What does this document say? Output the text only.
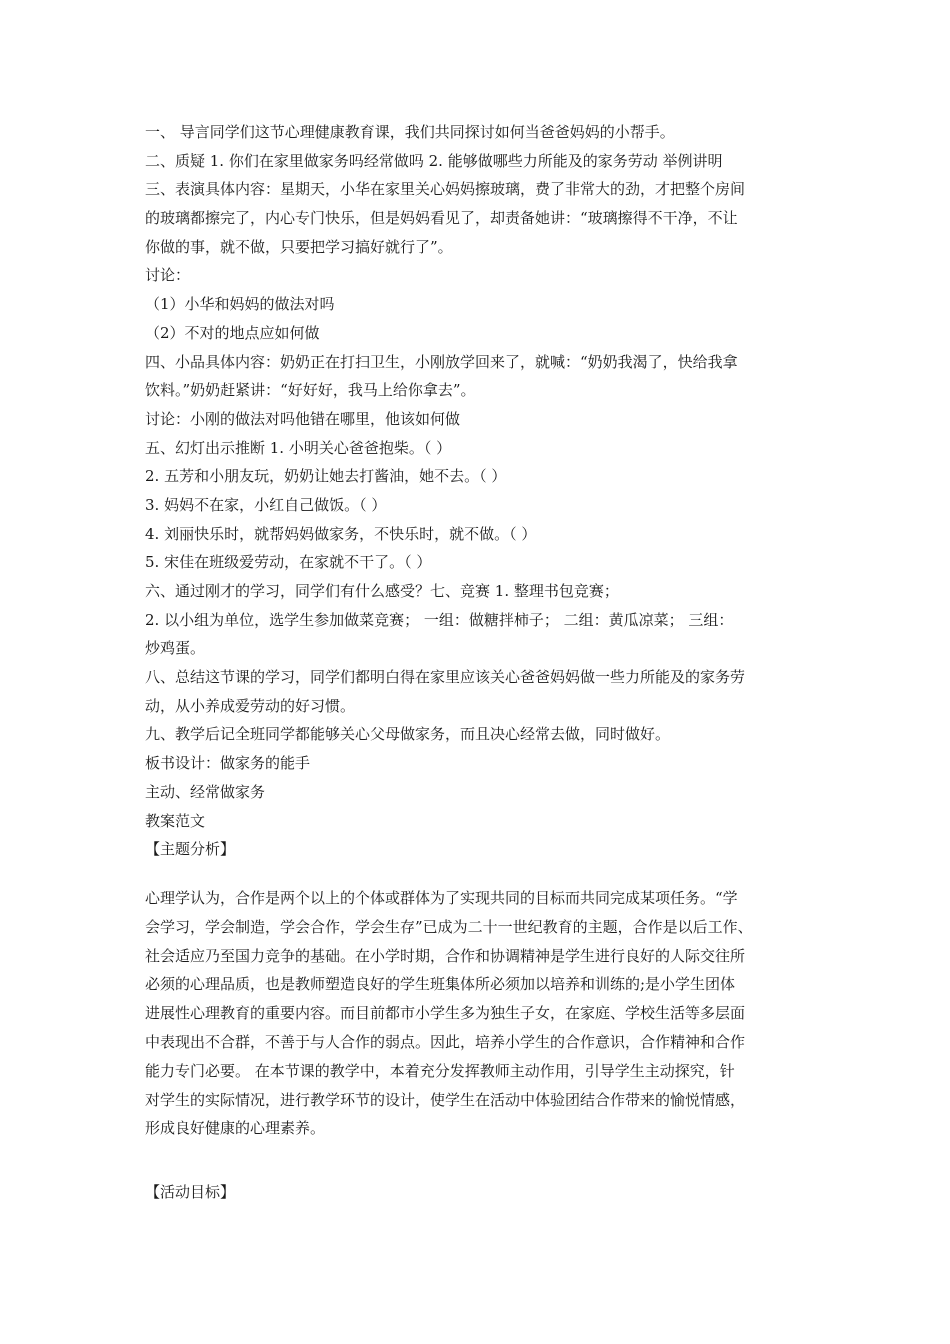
一、 导言同学们这节心理健康教育课，我们共同探讨如何当爸爸妈妈的小帮手。
二、质疑 1. 你们在家里做家务吗经常做吗 2. 能够做哪些力所能及的家务劳动 举例讲明
三、表演具体内容：星期天，小华在家里关心妈妈擦玻璃，费了非常大的劲，才把整个房间
的玻璃都擦完了，内心专门快乐，但是妈妈看见了，却责备她讲：“玻璃擦得不干净，不让
你做的事，就不做，只要把学习搞好就行了”。
讨论：
（1）小华和妈妈的做法对吗
（2）不对的地点应如何做
四、小品具体内容：奶奶正在打扫卫生，小刚放学回来了，就喊：“奶奶我渴了，快给我拿
饮料。”奶奶赶紧讲：“好好好，我马上给你拿去”。
讨论：小刚的做法对吗他错在哪里，他该如何做
五、幻灯出示推断 1. 小明关心爸爸抱柴。（ ）
2. 五芳和小朋友玩，奶奶让她去打酱油，她不去。（ ）
3. 妈妈不在家，小红自己做饭。（ ）
4. 刘丽快乐时，就帮妈妈做家务，不快乐时，就不做。（ ）
5. 宋佳在班级爱劳动，在家就不干了。（ ）
六、通过刚才的学习，同学们有什么感受？七、竞赛 1. 整理书包竞赛；
2. 以小组为单位，选学生参加做菜竞赛； 一组：做糖拌柿子； 二组：黄瓜凉菜； 三组：
炒鸡蛋。
八、总结这节课的学习，同学们都明白得在家里应该关心爸爸妈妈做一些力所能及的家务劳
动，从小养成爱劳动的好习惯。
九、教学后记全班同学都能够关心父母做家务，而且决心经常去做，同时做好。
板书设计：做家务的能手
主动、经常做家务
教案范文
【主题分析】
心理学认为，合作是两个以上的个体或群体为了实现共同的目标而共同完成某项任务。“学
会学习，学会制造，学会合作，学会生存”已成为二十一世纪教育的主题，合作是以后工作、
社会适应乃至国力竞争的基础。在小学时期，合作和协调精神是学生进行良好的人际交往所
必须的心理品质，也是教师塑造良好的学生班集体所必须加以培养和训练的;是小学生团体
进展性心理教育的重要内容。而目前都市小学生多为独生子女，在家庭、学校生活等多层面
中表现出不合群，不善于与人合作的弱点。因此，培养小学生的合作意识，合作精神和合作
能力专门必要。 在本节课的教学中，本着充分发挥教师主动作用，引导学生主动探究，针
对学生的实际情况，进行教学环节的设计，使学生在活动中体验团结合作带来的愉悦情感，
形成良好健康的心理素养。
【活动目标】
